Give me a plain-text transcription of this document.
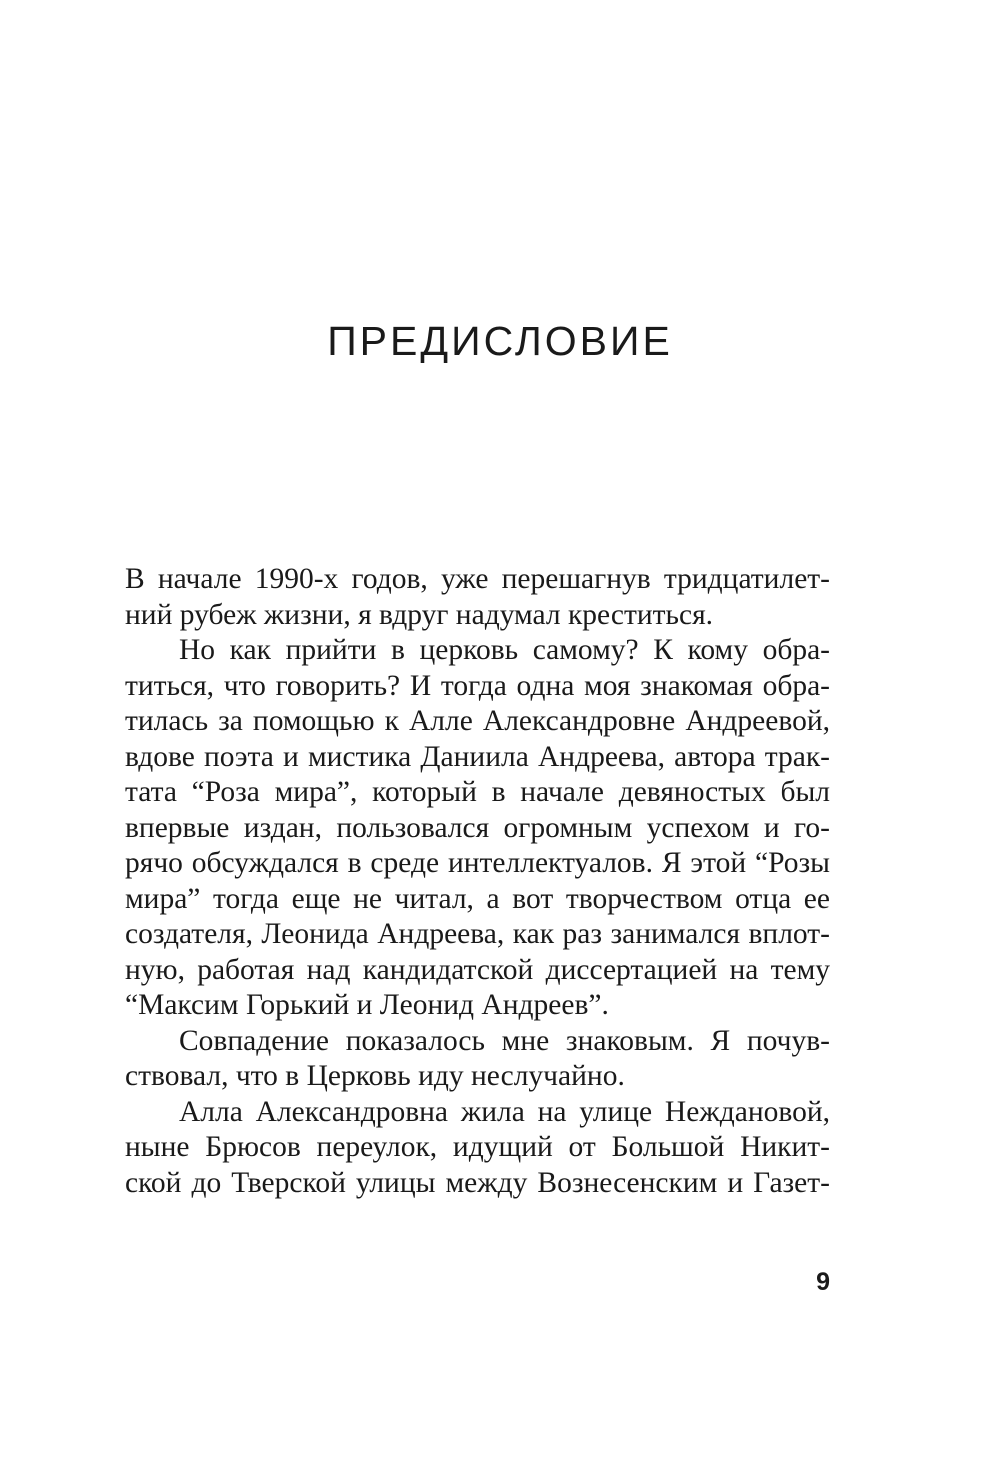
ПРЕДИСЛОВИЕ
В начале 1990-х годов, уже перешагнув тридцатилет-
ний рубеж жизни, я вдруг надумал креститься.
Но как прийти в церковь самому? К кому обра-
титься, что говорить? И тогда одна моя знакомая обра-
тилась за помощью к Алле Александровне Андреевой,
вдове поэта и мистика Даниила Андреева, автора трак-
тата “Роза мира”, который в начале девяностых был
впервые издан, пользовался огромным успехом и го-
рячо обсуждался в среде интеллектуалов. Я этой “Розы
мира” тогда еще не читал, а вот творчеством отца ее
создателя, Леонида Андреева, как раз занимался вплот-
ную, работая над кандидатской диссертацией на тему
“Максим Горький и Леонид Андреев”.
Совпадение показалось мне знаковым. Я почув-
ствовал, что в Церковь иду неслучайно.
Алла Александровна жила на улице Неждановой,
ныне Брюсов переулок, идущий от Большой Никит-
ской до Тверской улицы между Вознесенским и Газет-
9
